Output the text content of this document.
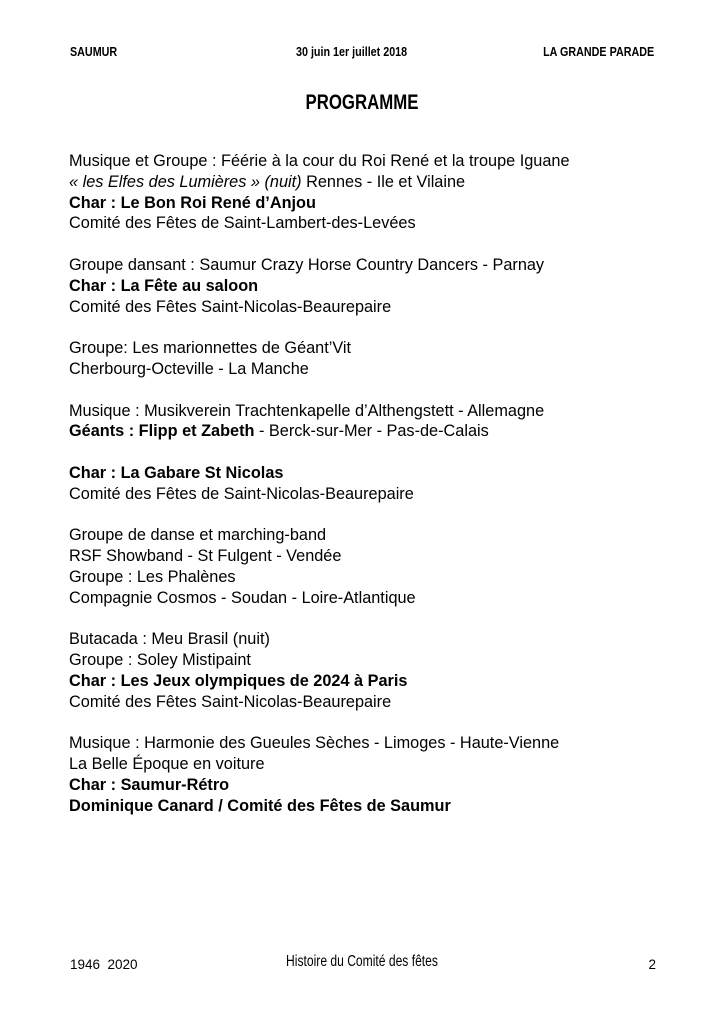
SAUMUR	30 juin 1er juillet 2018	LA GRANDE PARADE
PROGRAMME
Musique et Groupe : Féérie à la cour du Roi René et la troupe Iguane
« les Elfes des Lumières » (nuit) Rennes - Ile et Vilaine
Char : Le Bon Roi René d’Anjou
Comité des Fêtes de Saint-Lambert-des-Levées
Groupe dansant : Saumur Crazy Horse Country Dancers - Parnay
Char : La Fête au saloon
Comité des Fêtes Saint-Nicolas-Beaurepaire
Groupe: Les marionnettes de Géant’Vit
Cherbourg-Octeville - La Manche
Musique : Musikverein Trachtenkapelle d’Althengstett - Allemagne
Géants : Flipp et Zabeth - Berck-sur-Mer - Pas-de-Calais
Char : La Gabare St Nicolas
Comité des Fêtes de Saint-Nicolas-Beaurepaire
Groupe de danse et marching-band
RSF Showband - St Fulgent - Vendée
Groupe : Les Phalènes
Compagnie Cosmos - Soudan - Loire-Atlantique
Butacada : Meu Brasil (nuit)
Groupe : Soley Mistipaint
Char : Les Jeux olympiques de 2024 à Paris
Comité des Fêtes Saint-Nicolas-Beaurepaire
Musique : Harmonie des Gueules Sèches - Limoges - Haute-Vienne
La Belle Époque en voiture
Char : Saumur-Rétro
Dominique Canard / Comité des Fêtes de Saumur
1946  2020	Histoire du Comité des fêtes	2
